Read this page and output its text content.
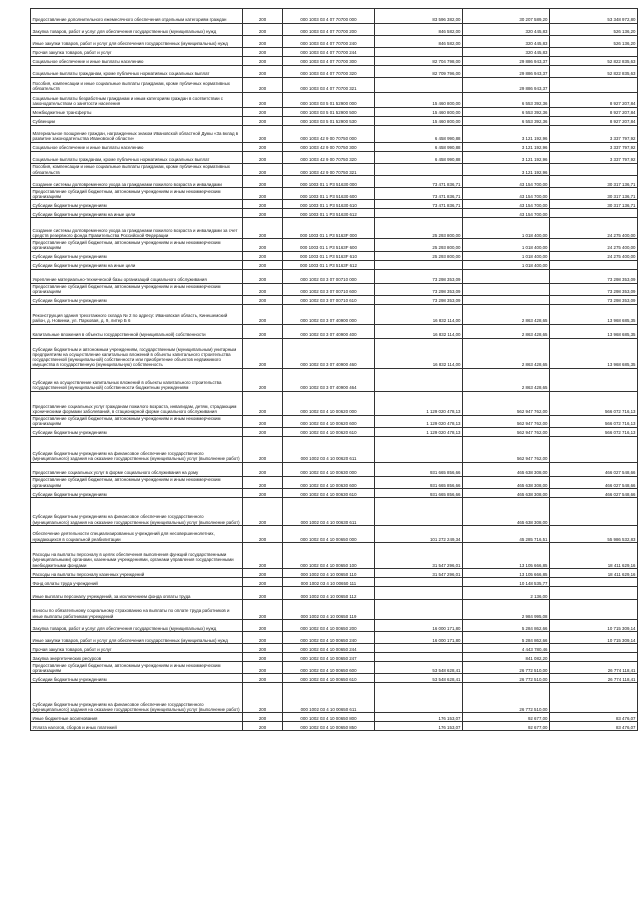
Предоставление дополнительного ежемесячного обеспечения отдельным категориям граждан	200	000 1003 03 4 07 70700 000	83 596 382,00	30 207 589,20	53 348 972,80
Закупка товаров, работ и услуг для обеспечения государственных (муниципальных) нужд	200	000 1003 03 4 07 70700 200	846 582,00	320 445,83	526 136,20
Иные закупки товаров, работ и услуг для обеспечения государственных (муниципальных) нужд	200	000 1003 03 4 07 70700 240	846 582,00	320 445,83	526 136,20
Прочая закупка товаров, работ и услуг	200	000 1003 03 4 07 70700 244		320 445,83	
Социальное обеспечение и иные выплаты населению	200	000 1003 03 4 07 70700 300	82 704 798,00	29 886 943,37	52 822 835,63
Социальные выплаты гражданам, кроме публичных нормативных социальных выплат	200	000 1003 03 4 07 70700 320	82 709 796,00	29 886 943,37	52 822 835,63
Пособия, компенсации и иные социальные выплаты гражданам, кроме публичных нормативных обязательств	200	000 1003 03 4 07 70700 321		29 886 943,37	
Социальные выплаты безработным гражданам и иным категориям граждан в соответствии с законодательством о занятости населения	200	000 1003 03 5 01 52900 000	15 460 800,00	6 553 392,36	8 927 207,84
Межбюджетные трансферты	200	000 1003 03 5 01 52900 500	15 460 800,00	6 553 392,36	8 927 207,84
Субвенции	200	000 1003 03 5 01 52900 530	15 460 800,00	6 553 392,36	8 927 207,84
Материальное поощрение граждан, награжденных знаком Ивановской областной Думы «За вклад в развитие законодательства Ивановской области»	200	000 1003 42 9 00 70750 000	6 458 990,88	3 121 192,96	3 337 797,92
Социальное обеспечение и иные выплаты населению	200	000 1003 42 9 00 70750 300	6 458 990,88	3 121 192,96	3 337 797,92
Социальные выплаты гражданам, кроме публичных нормативных социальных выплат	200	000 1003 42 9 00 70750 320	6 458 990,88	3 121 192,96	3 337 797,92
Пособия, компенсации и иные социальные выплаты гражданам, кроме публичных нормативных обязательств	200	000 1003 42 9 00 70750 321		3 121 192,96	
Создание системы долговременного ухода за гражданами пожилого возраста и инвалидами	200	000 1003 01 1 P3 51630 000	73 471 836,71	43 154 700,00	30 317 136,71
Предоставление субсидий бюджетным, автономным учреждениям и иным некоммерческим организациям	200	000 1003 01 1 P3 51630 600	73 471 836,71	43 154 700,00	30 317 136,71
Субсидии бюджетным учреждениям	200	000 1003 01 1 P3 51630 610	73 471 836,71	43 154 700,00	30 317 136,71
Субсидии бюджетным учреждениям на иные цели	200	000 1003 01 1 P3 51630 612		43 154 700,00	
Создание системы долговременного ухода за гражданами пожилого возраста и инвалидами за счет средств резервного фонда Правительства Российской Федерации	200	000 1003 01 1 P3 5163F 000	25 293 800,00	1 018 400,00	24 275 400,00
Предоставление субсидий бюджетным, автономным учреждениям и иным некоммерческим организациям	200	000 1003 01 1 P3 5163F 600	25 293 800,00	1 018 400,00	24 275 400,00
Субсидии бюджетным учреждениям	200	000 1003 01 1 P3 5163F 610	25 293 800,00	1 018 400,00	24 275 400,00
Субсидии бюджетным учреждениям на иные цели	200	000 1003 01 1 P3 5163F 612		1 018 400,00	
Укрепление материально-технической базы организаций социального обслуживания	200	000 1002 03 3 07 00710 000	73 298 353,09		73 298 353,09
Предоставление субсидий бюджетным, автономным учреждениям и иным некоммерческим организациям	200	000 1002 03 3 07 00710 600	73 298 353,09		73 298 353,09
Субсидии бюджетным учреждениям	200	000 1002 03 3 07 00710 610	73 298 353,09		73 298 353,09
Реконструкция здания трехэтажного склада № 2 по адресу: Ивановская область, Кинешемский район, д. Новинки, ул. Парковая, д. 9, литер Б 6	200	000 1002 03 3 07 40900 000	16 832 114,00	2 863 428,65	13 968 685,35
Капитальные вложения в объекты государственной (муниципальной) собственности	200	000 1002 03 3 07 40900 400	16 832 114,00	2 863 428,65	13 968 685,35
Субсидии бюджетным и автономным учреждениям, государственным (муниципальным) унитарным предприятиям на осуществление капитальных вложений в объекты капитального строительства государственной (муниципальной) собственности или приобретение объектов недвижимого имущества в государственную (муниципальную) собственность	200	000 1002 03 3 07 40900 460	16 832 114,00	2 863 428,65	13 968 685,35
Субсидии на осуществление капитальных вложений в объекты капитального строительства государственной (муниципальной) собственности бюджетным учреждениям	200	000 1002 03 3 07 40900 464		2 863 428,65	
Предоставление социальных услуг гражданам пожилого возраста, инвалидам, детям, страдающим хроническими формами заболеваний, в стационарной форме социального обслуживания	200	000 1002 03 4 10 00620 000	1 129 020 478,13	562 947 762,00	566 072 716,13
Предоставление субсидий бюджетным, автономным учреждениям и иным некоммерческим организациям	200	000 1002 03 4 10 00620 600	1 129 020 478,13	562 947 762,00	566 072 716,13
Субсидии бюджетным учреждениям	200	000 1002 03 4 10 00620 610	1 129 020 478,13	562 947 762,00	566 072 716,13
Субсидии бюджетным учреждениям на финансовое обеспечение государственного (муниципального) задания на оказание государственных (муниципальных) услуг (выполнение работ)	200	000 1002 03 4 10 00620 611		562 947 762,00	
Предоставление социальных услуг в форме социального обслуживания на дому	200	000 1002 03 4 10 00630 000	931 665 856,66	465 638 308,00	466 027 548,66
Предоставление субсидий бюджетным, автономным учреждениям и иным некоммерческим организациям	200	000 1002 03 4 10 00630 600	931 665 856,66	465 638 308,00	466 027 548,66
Субсидии бюджетным учреждениям	200	000 1002 03 4 10 00630 610	931 665 856,66	465 638 308,00	466 027 548,66
Субсидии бюджетным учреждениям на финансовое обеспечение государственного (муниципального) задания на оказание государственных (муниципальных) услуг (выполнение работ)	200	000 1002 03 4 10 00630 611		465 638 308,00	
Обеспечение деятельности специализированных учреждений для несовершеннолетних, нуждающихся в социальной реабилитации	200	000 1002 03 4 10 00650 000	101 272 249,34	45 285 716,51	55 986 532,83
Расходы на выплаты персоналу в целях обеспечения выполнения функций государственными (муниципальными) органами, казенными учреждениями, органами управления государственными внебюджетными фондами	200	000 1002 03 4 10 00650 100	31 547 296,01	13 105 666,85	18 411 629,16
Расходы на выплаты персоналу казенных учреждений	200	000 1002 03 4 10 00650 110	31 547 296,01	13 105 666,85	18 411 629,16
Фонд оплаты труда учреждений	200	000 1002 03 4 10 00650 111		10 148 535,77	
Иные выплаты персоналу учреждений, за исключением фонда оплаты труда	200	000 1002 03 4 10 00650 112		2 136,00	
Взносы по обязательному социальному страхованию на выплаты по оплате труда работников и иные выплаты работникам учреждений	200	000 1002 03 4 10 00650 119		2 984 995,08	
Закупка товаров, работ и услуг для обеспечения государственных (муниципальных) нужд	200	000 1002 03 4 10 00650 200	16 000 171,80	5 284 862,66	10 715 309,14
Иные закупки товаров, работ и услуг для обеспечения государственных (муниципальных) нужд	200	000 1002 03 4 10 00650 240	16 000 171,80	5 284 862,66	10 715 309,14
Прочая закупка товаров, работ и услуг	200	000 1002 03 4 10 00650 244		4 443 780,46	
Закупка энергетических ресурсов	200	000 1002 03 4 10 00650 247		841 082,20	
Предоставление субсидий бюджетным, автономным учреждениям и иным некоммерческим организациям	200	000 1002 03 4 10 00650 600	53 548 628,41	26 772 510,00	26 774 118,41
Субсидии бюджетным учреждениям	200	000 1002 03 4 10 00650 610	53 548 628,41	26 772 510,00	26 774 118,41
Субсидии бюджетным учреждениям на финансовое обеспечение государственного (муниципального) задания на оказание государственных (муниципальных) услуг (выполнение работ)	200	000 1002 03 4 10 00650 611		26 772 510,00	
Иные бюджетные ассигнования	200	000 1002 03 4 10 00650 800	176 153,07	92 677,00	83 476,07
Уплата налогов, сборов и иных платежей	200	000 1002 03 4 10 00650 850	176 153,07	92 677,00	83 476,07
